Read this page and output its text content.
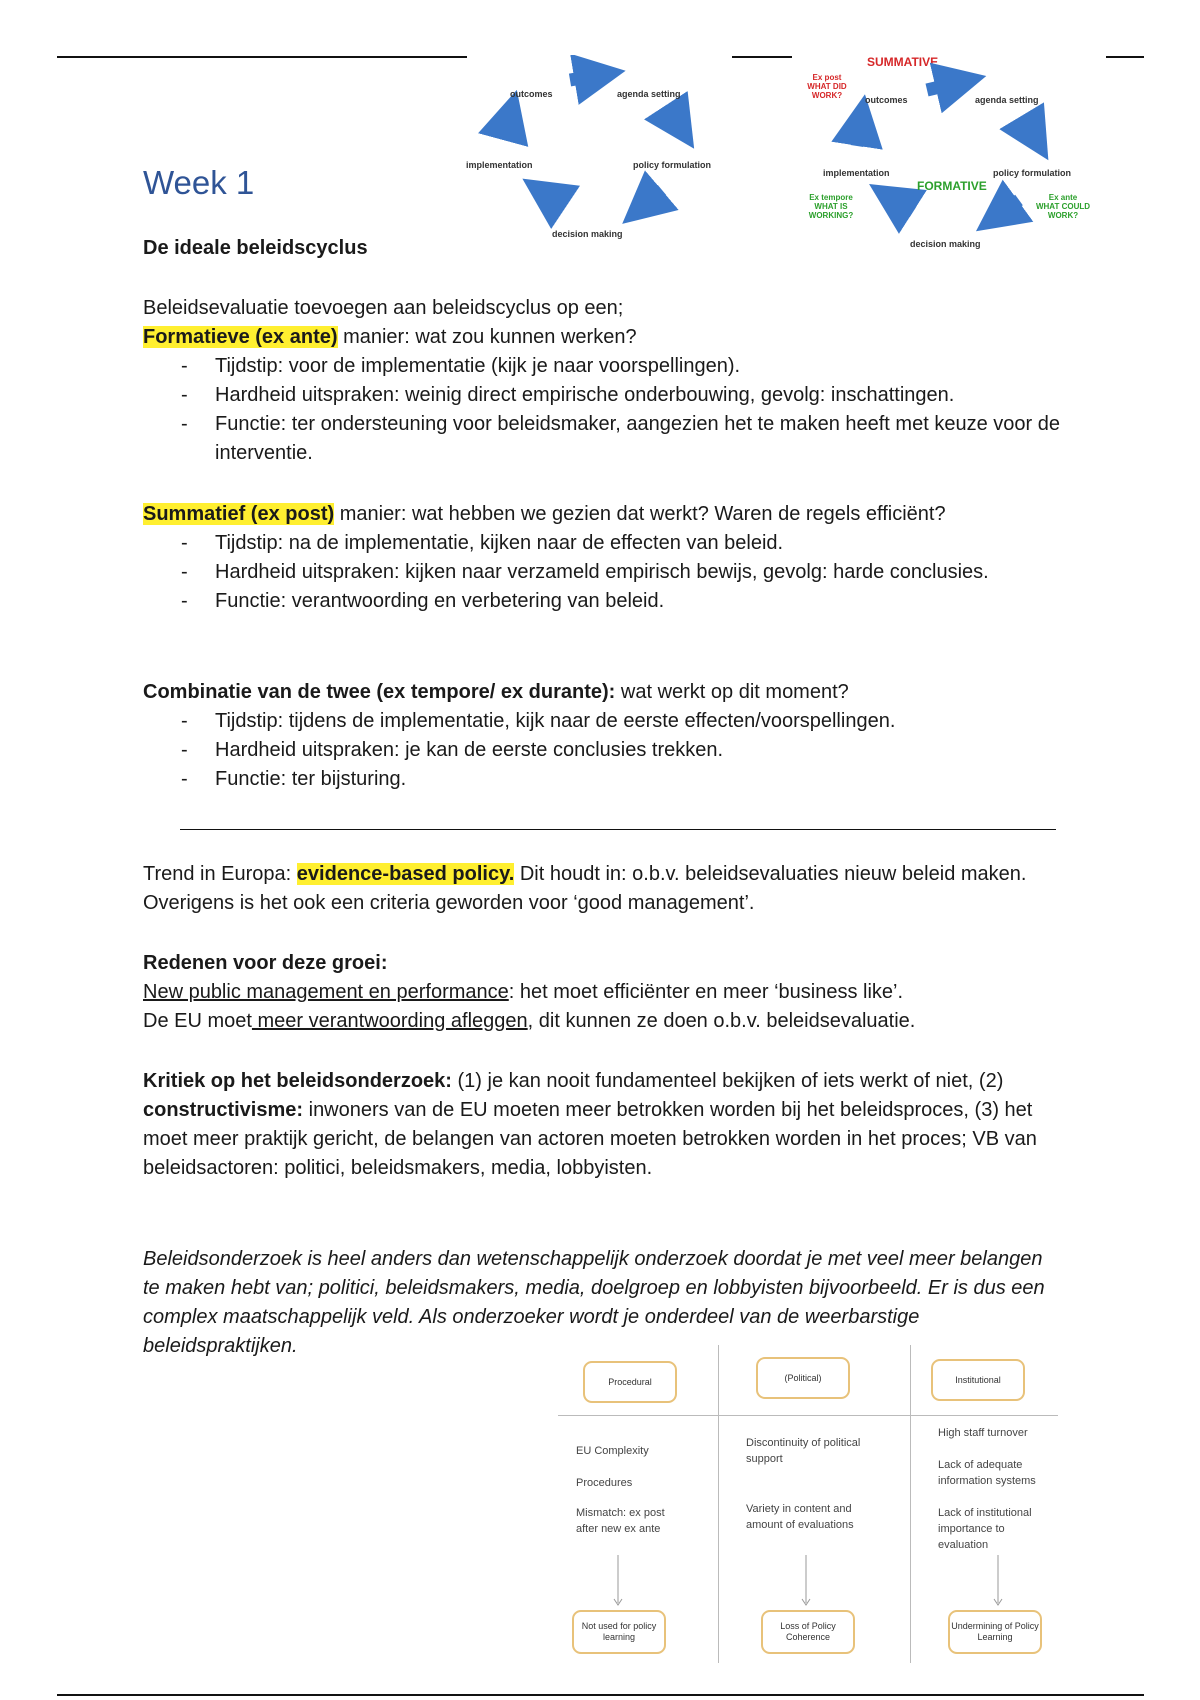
outcomes	agenda setting
implementation	policy formulation
decision making
SUMMATIVE
Ex post
WHAT DID
WORK?	outcomes	agenda setting
implementation
FORMATIVE
policy formulation
Ex tempore
WHAT IS
WORKING?
Ex ante
WHAT COULD
WORK?
decision making
Week 1
De ideale beleidscyclus
Beleidsevaluatie toevoegen aan beleidscyclus op een;
Formatieve (ex ante) manier: wat zou kunnen werken?
- Tijdstip: voor de implementatie (kijk je naar voorspellingen).
- Hardheid uitspraken: weinig direct empirische onderbouwing, gevolg: inschattingen.
- Functie: ter ondersteuning voor beleidsmaker, aangezien het te maken heeft met keuze voor de interventie.
Summatief (ex post) manier: wat hebben we gezien dat werkt? Waren de regels efficiënt?
- Tijdstip: na de implementatie, kijken naar de effecten van beleid.
- Hardheid uitspraken: kijken naar verzameld empirisch bewijs, gevolg: harde conclusies.
- Functie: verantwoording en verbetering van beleid.
Combinatie van de twee (ex tempore/ ex durante): wat werkt op dit moment?
- Tijdstip: tijdens de implementatie, kijk naar de eerste effecten/voorspellingen.
- Hardheid uitspraken: je kan de eerste conclusies trekken.
- Functie: ter bijsturing.
Trend in Europa: evidence-based policy. Dit houdt in: o.b.v. beleidsevaluaties nieuw beleid maken. Overigens is het ook een criteria geworden voor ‘good management’.
Redenen voor deze groei:
New public management en performance: het moet efficiënter en meer ‘business like’.
De EU moet meer verantwoording afleggen, dit kunnen ze doen o.b.v. beleidsevaluatie.
Kritiek op het beleidsonderzoek: (1) je kan nooit fundamenteel bekijken of iets werkt of niet, (2) constructivisme: inwoners van de EU moeten meer betrokken worden bij het beleidsproces, (3) het moet meer praktijk gericht, de belangen van actoren moeten betrokken worden in het proces; VB van beleidsactoren: politici, beleidsmakers, media, lobbyisten.
Beleidsonderzoek is heel anders dan wetenschappelijk onderzoek doordat je met veel meer belangen te maken hebt van; politici, beleidsmakers, media, doelgroep en lobbyisten bijvoorbeeld. Er is dus een complex maatschappelijk veld. Als onderzoeker wordt je onderdeel van de weerbarstige beleidspraktijken.
Procedural	(Political)	Institutional
EU Complexity
Procedures
Mismatch: ex post after new ex ante
Discontinuity of political support
Variety in content and amount of evaluations
High staff turnover
Lack of adequate information systems
Lack of institutional importance to evaluation
Not used for policy learning
Loss of Policy Coherence
Undermining of Policy Learning
